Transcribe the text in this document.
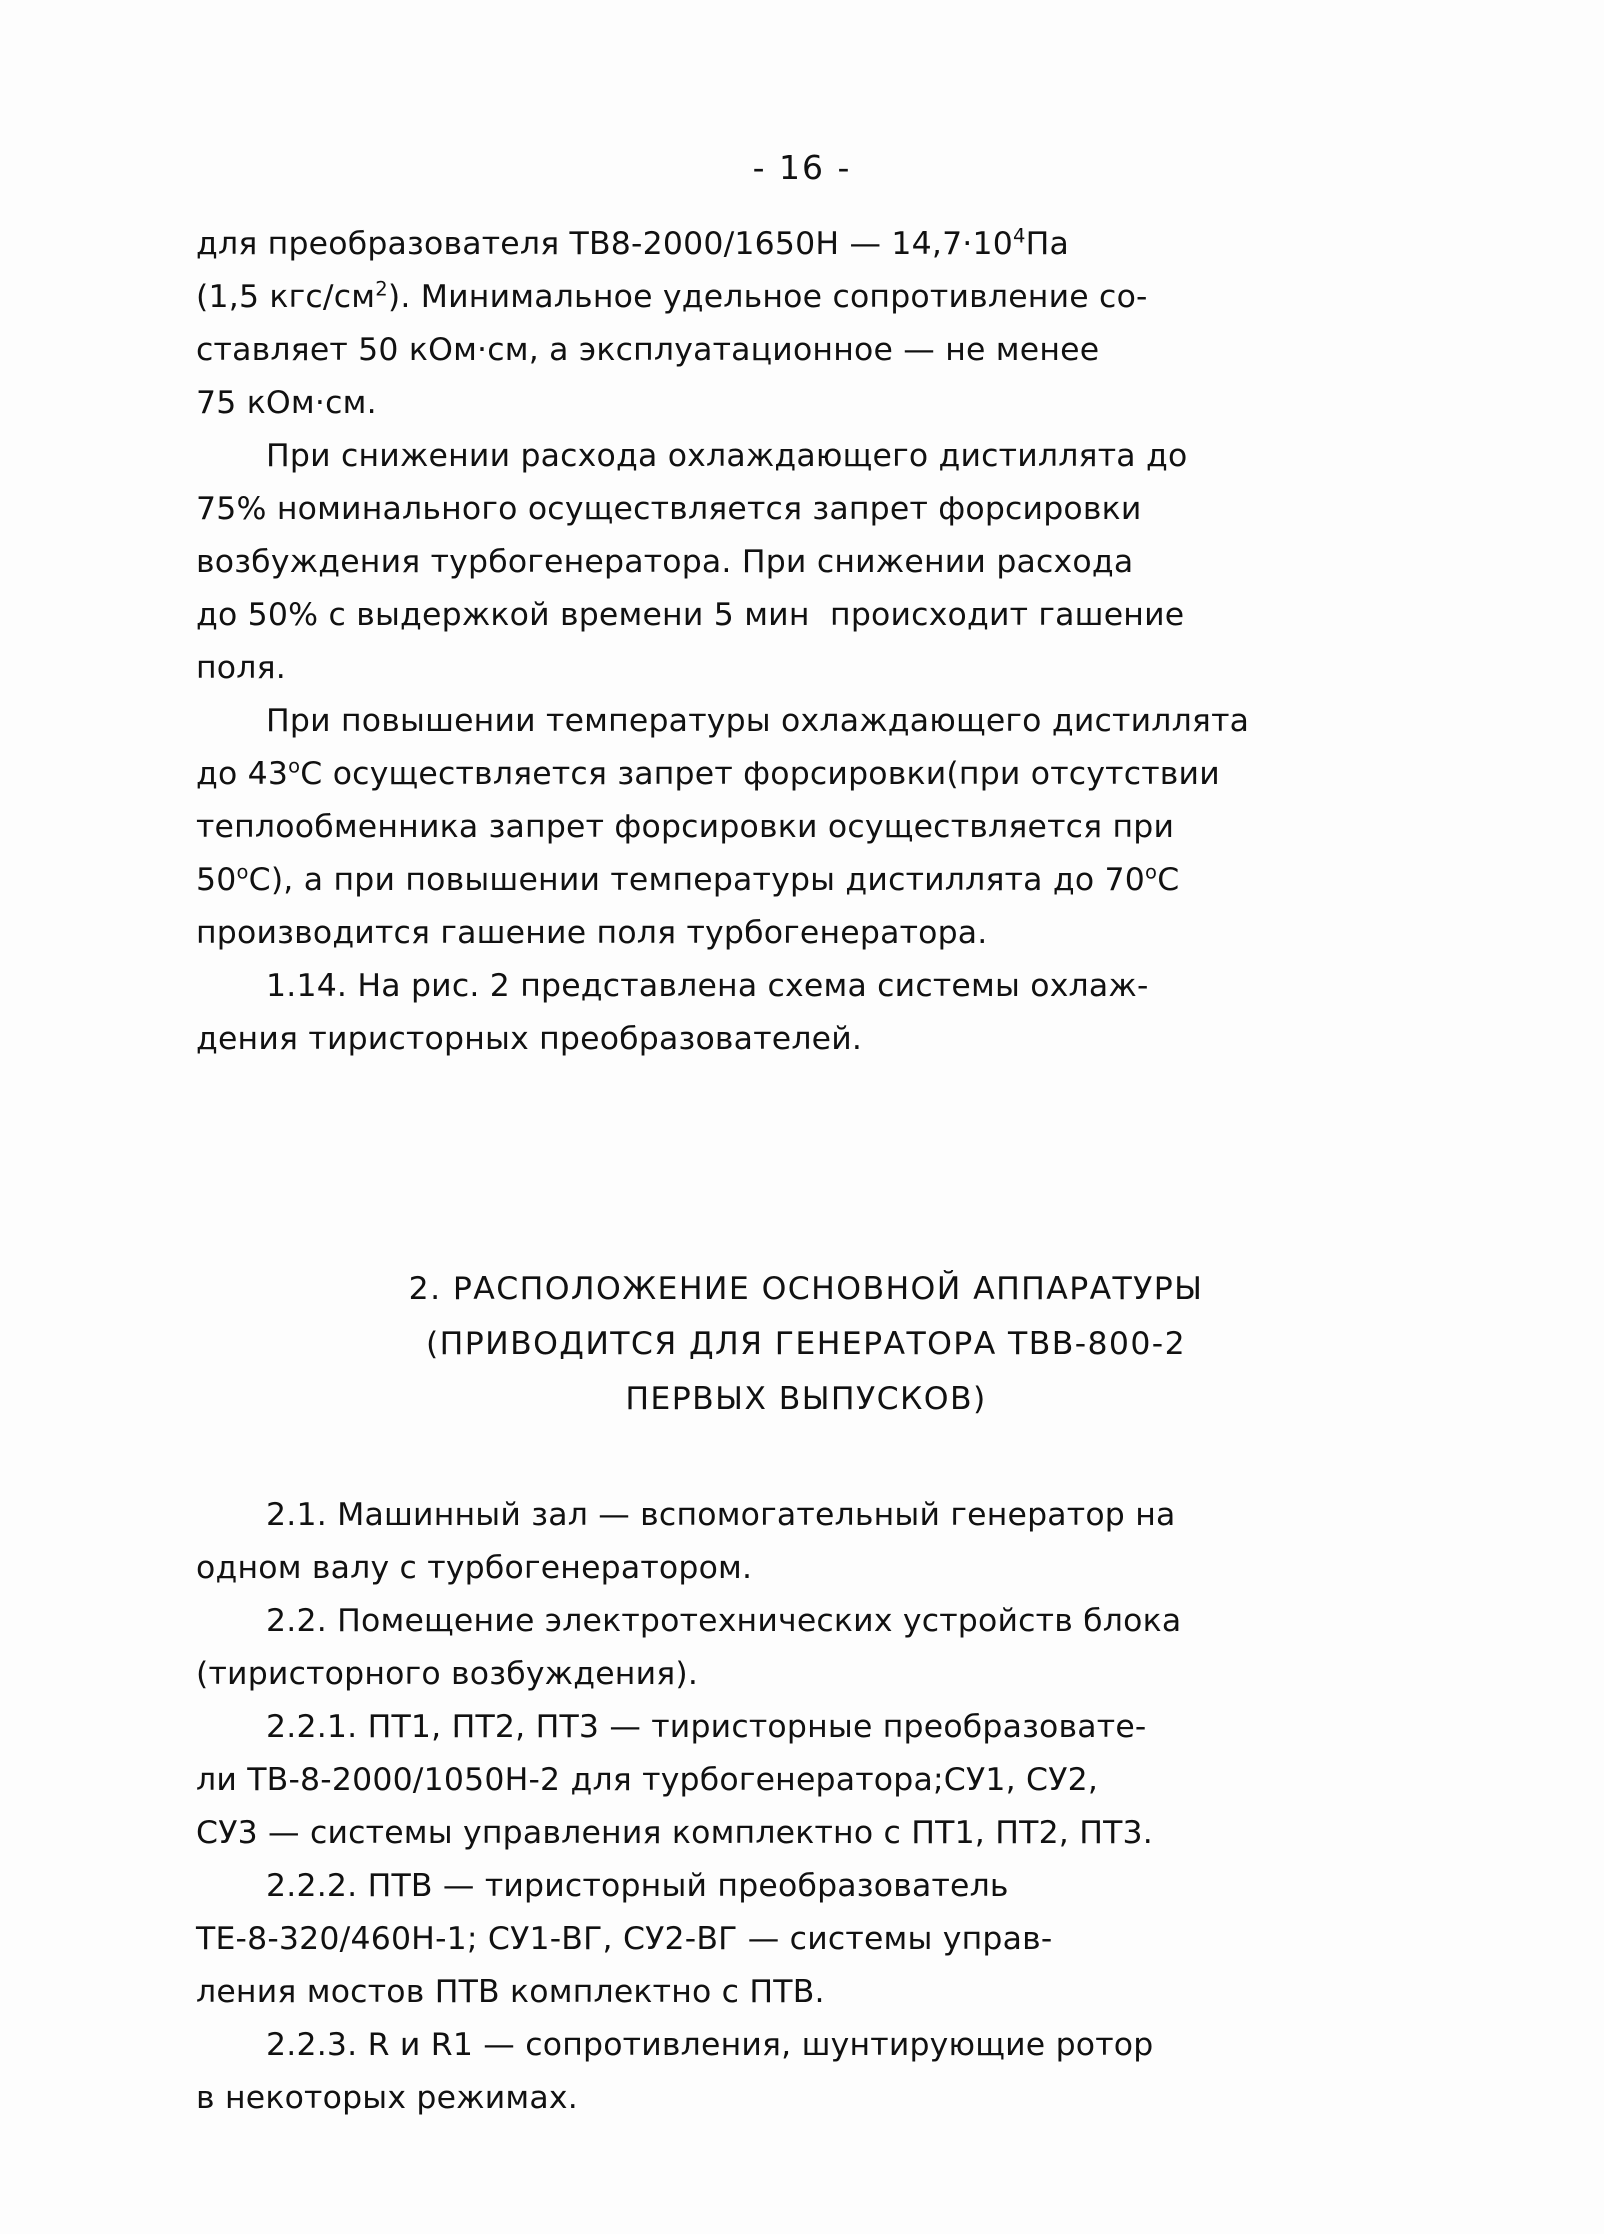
- 16 -

для преобразователя ТВ8-2000/1650Н — $14,7\cdot 10^4Па$
(1,5 кгс/$см^2$). Минимальное удельное сопротивление со-
ставляет 50 кОм·см, а эксплуатационное — не менее
75 кОм·см.

При снижении расхода охлаждающего дистиллята до
75% номинального осуществляется запрет форсировки
возбуждения турбогенератора. При снижении расхода
до 50% с выдержкой времени 5 мин  происходит гашение
поля.

При повышении температуры охлаждающего дистиллята
до $43^оС$ осуществляется запрет форсировки(при отсутствии
теплообменника запрет форсировки осуществляется при
$50^оС$), а при повышении температуры дистиллята до $70^оС$
производится гашение поля турбогенератора.

1.14. На рис. 2 представлена схема системы охлаж-
дения тиристорных преобразователей.

2. РАСПОЛОЖЕНИЕ ОСНОВНОЙ АППАРАТУРЫ
(ПРИВОДИТСЯ ДЛЯ ГЕНЕРАТОРА ТВВ-800-2
ПЕРВЫХ ВЫПУСКОВ)

2.1. Машинный зал — вспомогательный генератор на
одном валу с турбогенератором.

2.2. Помещение электротехнических устройств блока
(тиристорного возбуждения).

2.2.1. ПТ1, ПТ2, ПТ3 — тиристорные преобразовате-
ли ТВ-8-2000/1050Н-2 для турбогенератора;СУ1, СУ2,
СУ3 — системы управления комплектно с ПТ1, ПТ2, ПТ3.

2.2.2. ПТВ — тиристорный преобразователь
ТЕ-8-320/460Н-1; СУ1-ВГ, СУ2-ВГ — системы управ-
ления мостов ПТВ комплектно с ПТВ.

2.2.3. R и R1 — сопротивления, шунтирующие ротор
в некоторых режимах.
